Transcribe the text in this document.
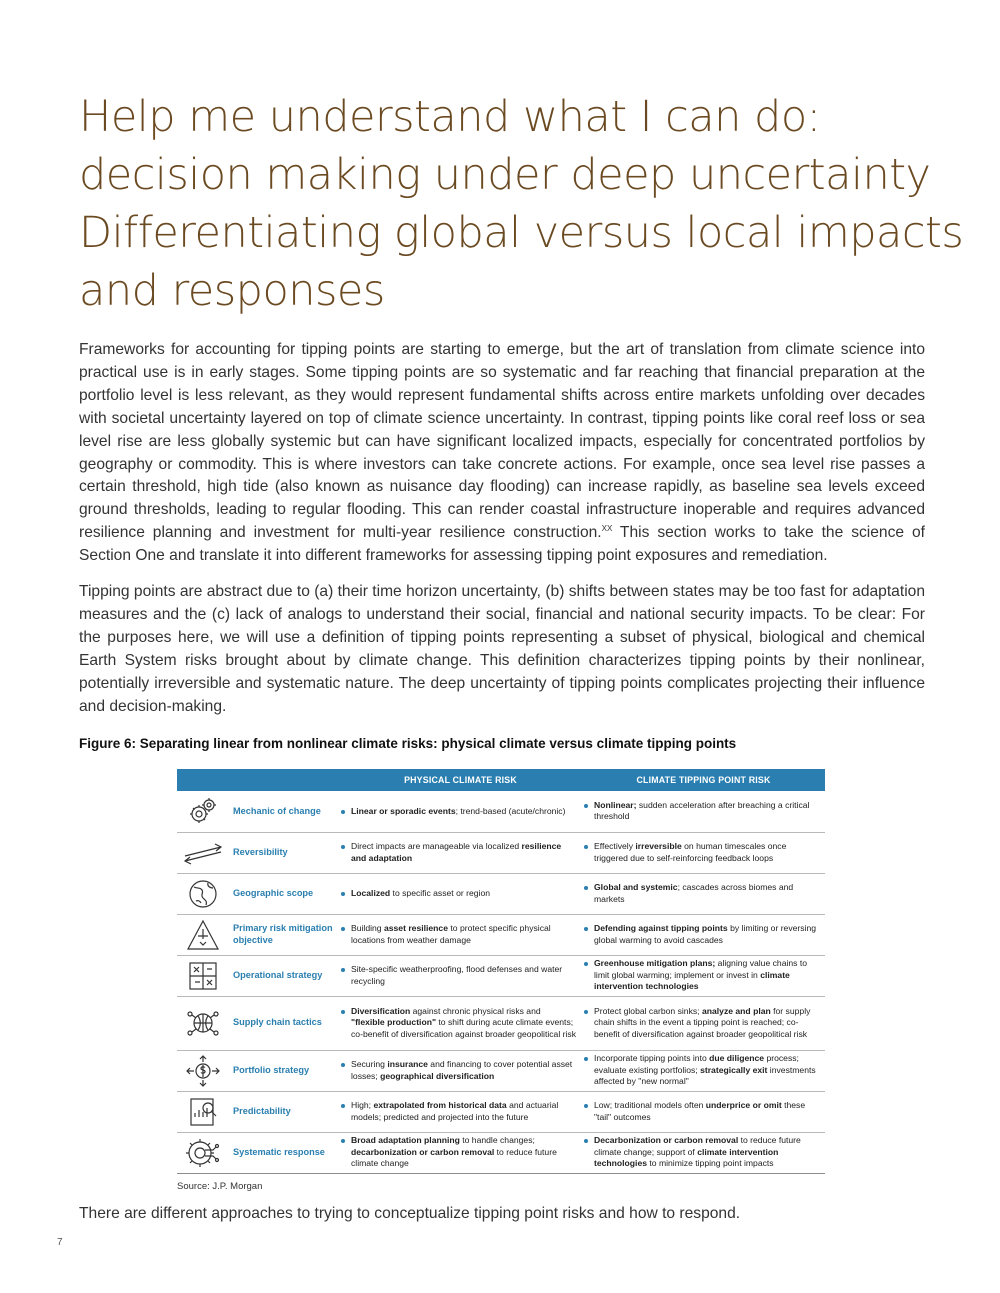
Help me understand what I can do:
decision making under deep uncertainty
Differentiating global versus local impacts
and responses

Frameworks for accounting for tipping points are starting to emerge, but the art of translation from climate science into practical use is in early stages. Some tipping points are so systematic and far reaching that financial preparation at the portfolio level is less relevant, as they would represent fundamental shifts across entire markets unfolding over decades with societal uncertainty layered on top of climate science uncertainty. In contrast, tipping points like coral reef loss or sea level rise are less globally systemic but can have significant localized impacts, especially for concentrated portfolios by geography or commodity. This is where investors can take concrete actions. For example, once sea level rise passes a certain threshold, high tide (also known as nuisance day flooding) can increase rapidly, as baseline sea levels exceed ground thresholds, leading to regular flooding. This can render coastal infrastructure inoperable and requires advanced resilience planning and investment for multi-year resilience construction.$^{XX}$ This section works to take the science of Section One and translate it into different frameworks for assessing tipping point exposures and remediation.

Tipping points are abstract due to (a) their time horizon uncertainty, (b) shifts between states may be too fast for adaptation measures and the (c) lack of analogs to understand their social, financial and national security impacts. To be clear: For the purposes here, we will use a definition of tipping points representing a subset of physical, biological and chemical Earth System risks brought about by climate change. This definition characterizes tipping points by their nonlinear, potentially irreversible and systematic nature. The deep uncertainty of tipping points complicates projecting their influence and decision-making.

Figure 6: Separating linear from nonlinear climate risks: physical climate versus climate tipping points

		PHYSICAL CLIMATE RISK	CLIMATE TIPPING POINT RISK

	Mechanic of change	Linear or sporadic events; trend-based (acute/chronic)	Nonlinear; sudden acceleration after breaching a critical threshold

	Reversibility	Direct impacts are manageable via localized resilience and adaptation	Effectively irreversible on human timescales once triggered due to self-reinforcing feedback loops

	Geographic scope	Localized to specific asset or region	Global and systemic; cascades across biomes and markets

	Primary risk mitigation objective	Building asset resilience to protect specific physical locations from weather damage	Defending against tipping points by limiting or reversing global warming to avoid cascades

	Operational strategy	Site-specific weatherproofing, flood defenses and water recycling	Greenhouse mitigation plans; aligning value chains to limit global warming; implement or invest in climate intervention technologies

	Supply chain tactics	Diversification against chronic physical risks and "flexible production" to shift during acute climate events; co-benefit of diversification against broader geopolitical risk	Protect global carbon sinks; analyze and plan for supply chain shifts in the event a tipping point is reached; co-benefit of diversification against broader geopolitical risk

	Portfolio strategy	Securing insurance and financing to cover potential asset losses; geographical diversification	Incorporate tipping points into due diligence process; evaluate existing portfolios; strategically exit investments affected by "new normal"

	Predictability	High; extrapolated from historical data and actuarial models; predicted and projected into the future	Low; traditional models often underprice or omit these "tail" outcomes

	Systematic response	Broad adaptation planning to handle changes; decarbonization or carbon removal to reduce future climate change	Decarbonization or carbon removal to reduce future climate change; support of climate intervention technologies to minimize tipping point impacts

Source: J.P. Morgan

There are different approaches to trying to conceptualize tipping point risks and how to respond.

7
